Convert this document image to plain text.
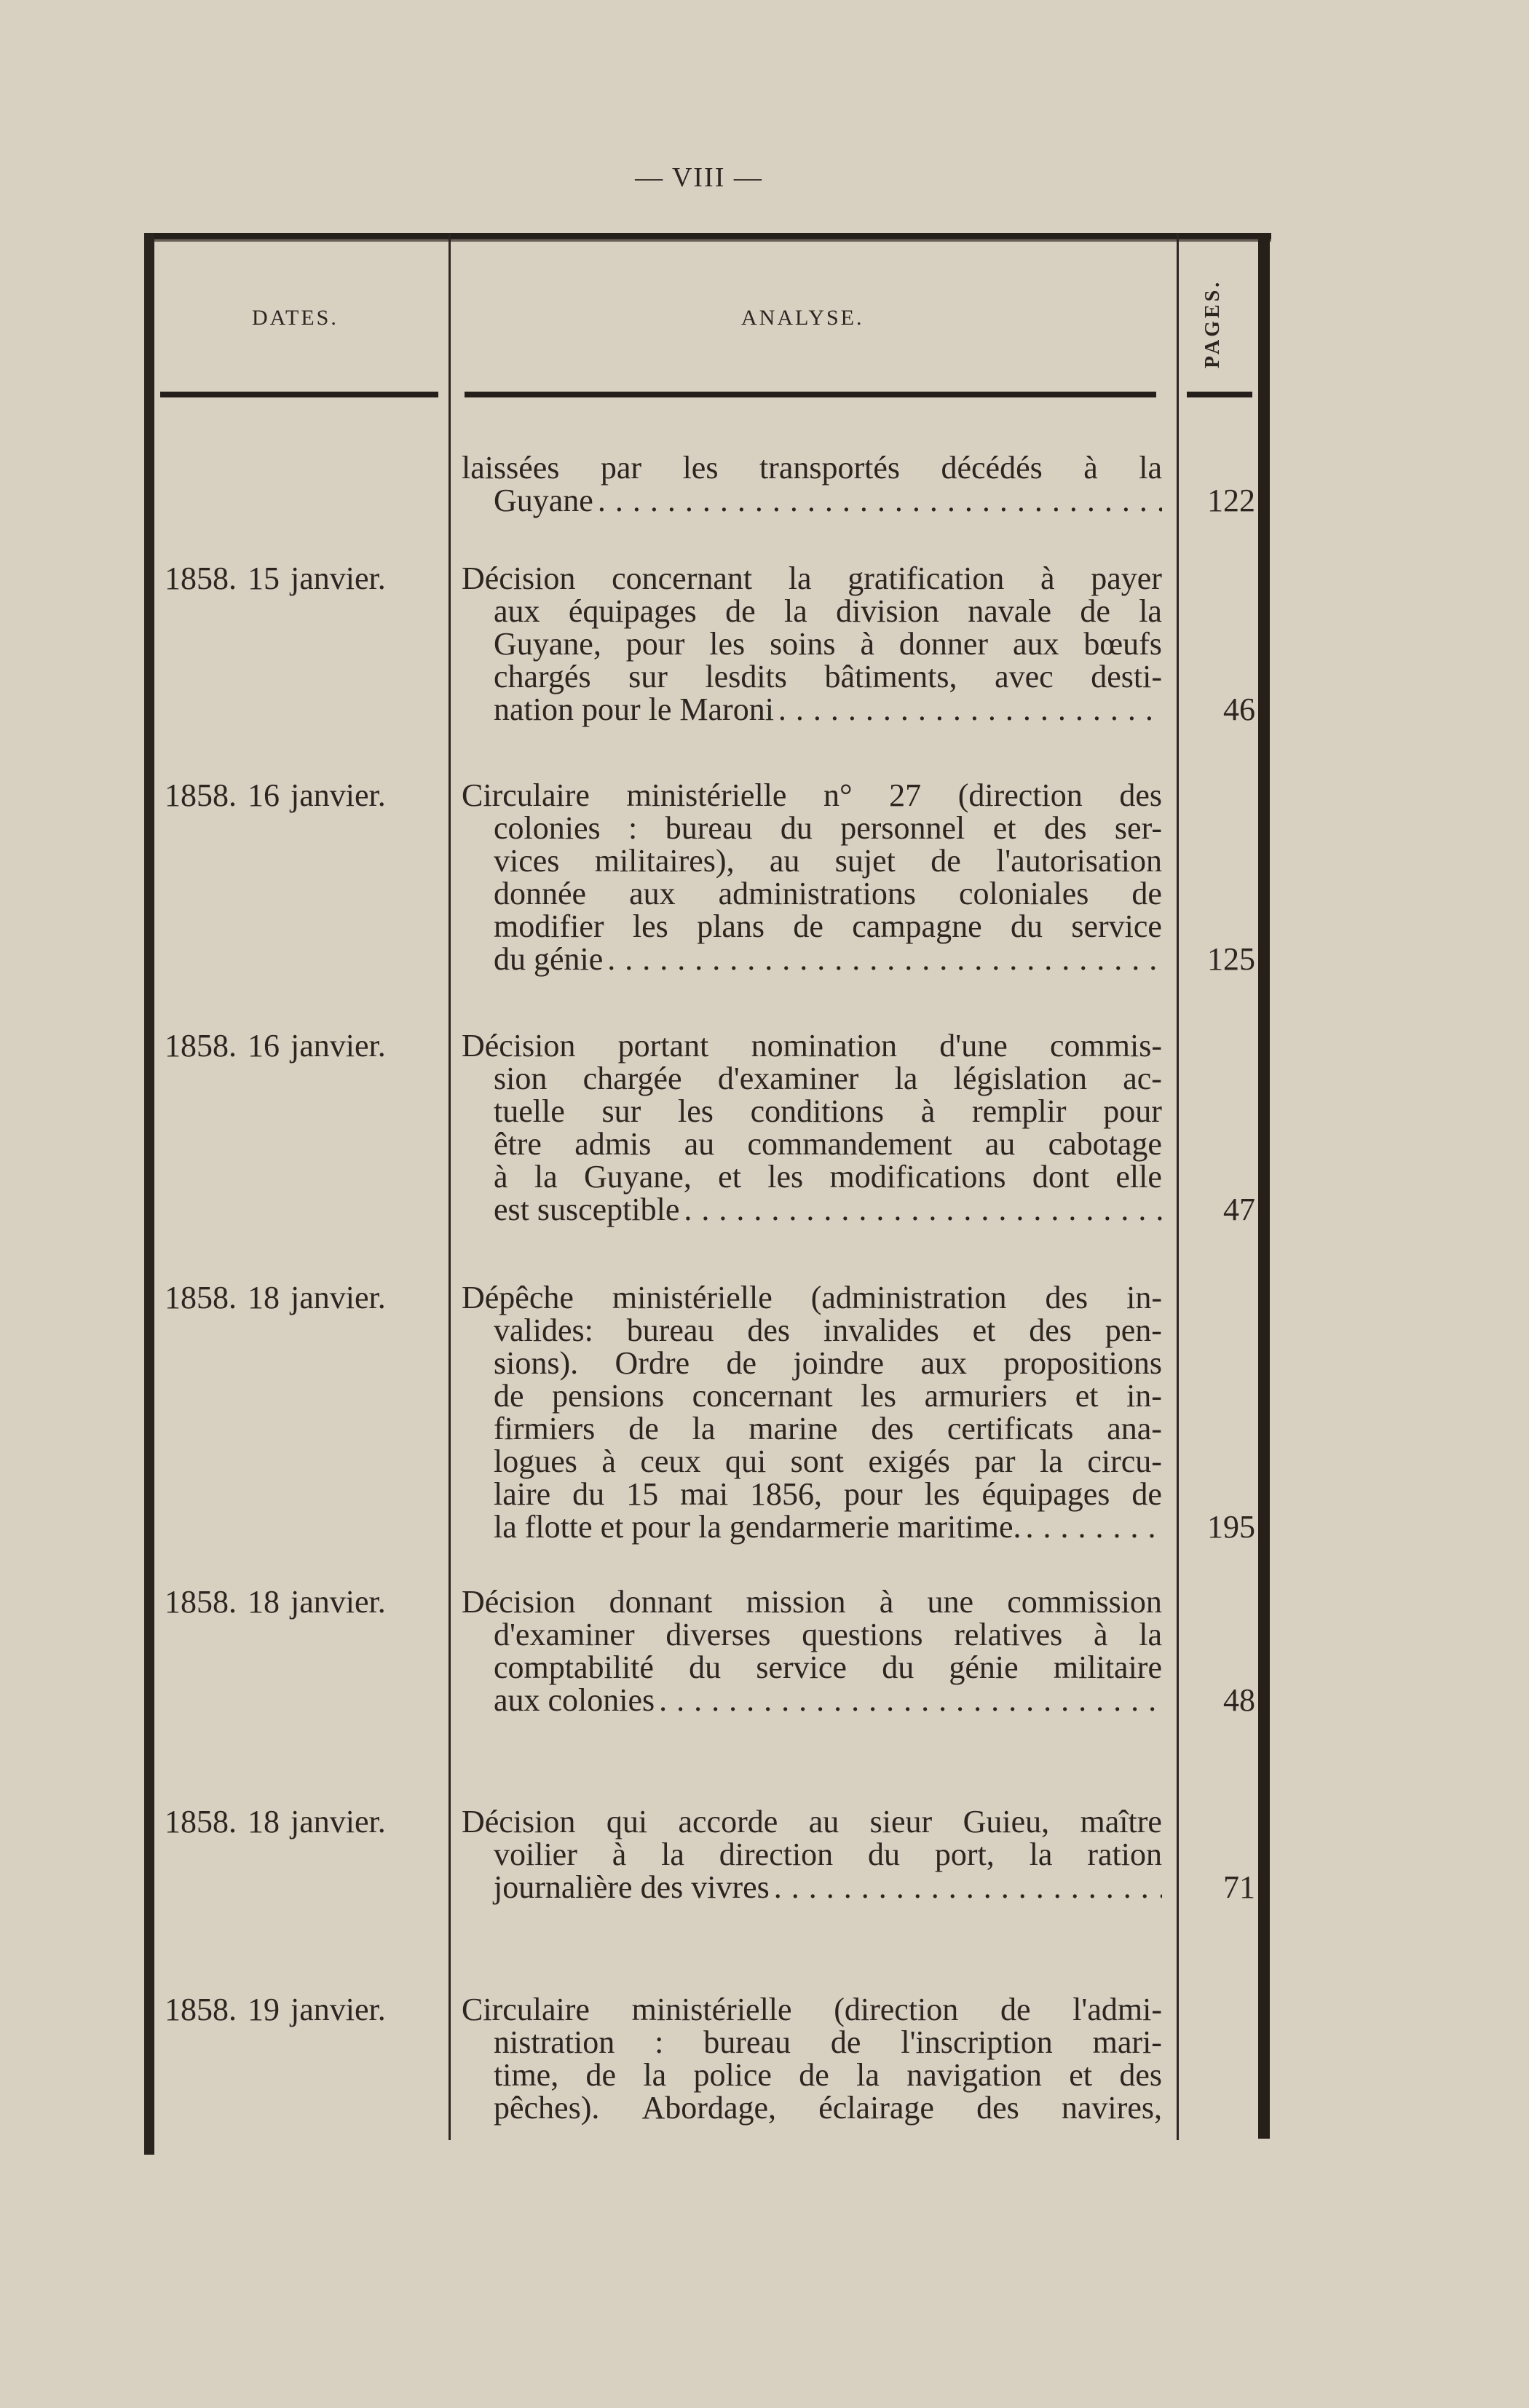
— VIII —
DATES.	ANALYSE.	PAGES.
laissées par les transportés décédés à la
Guyane . . .	122
1858. 15 janvier. Décision concernant la gratification à payer
aux équipages de la division navale de la
Guyane, pour les soins à donner aux bœufs
chargés sur lesdits bâtiments, avec desti-
nation pour le Maroni . . .	46
1858. 16 janvier. Circulaire ministérielle n° 27 (direction des
colonies : bureau du personnel et des ser-
vices militaires), au sujet de l'autorisation
donnée aux administrations coloniales de
modifier les plans de campagne du service
du génie . . .	125
1858. 16 janvier. Décision portant nomination d'une commis-
sion chargée d'examiner la législation ac-
tuelle sur les conditions à remplir pour
être admis au commandement au cabotage
à la Guyane, et les modifications dont elle
est susceptible . . .	47
1858. 18 janvier. Dépêche ministérielle (administration des in-
valides: bureau des invalides et des pen-
sions). Ordre de joindre aux propositions
de pensions concernant les armuriers et in-
firmiers de la marine des certificats ana-
logues à ceux qui sont exigés par la circu-
laire du 15 mai 1856, pour les équipages de
la flotte et pour la gendarmerie maritime. . . .	195
1858. 18 janvier. Décision donnant mission à une commission
d'examiner diverses questions relatives à la
comptabilité du service du génie militaire
aux colonies . . .	48
1858. 18 janvier. Décision qui accorde au sieur Guieu, maître
voilier à la direction du port, la ration
journalière des vivres . . .	71
1858. 19 janvier. Circulaire ministérielle (direction de l'admi-
nistration : bureau de l'inscription mari-
time, de la police de la navigation et des
pêches). Abordage, éclairage des navires,
